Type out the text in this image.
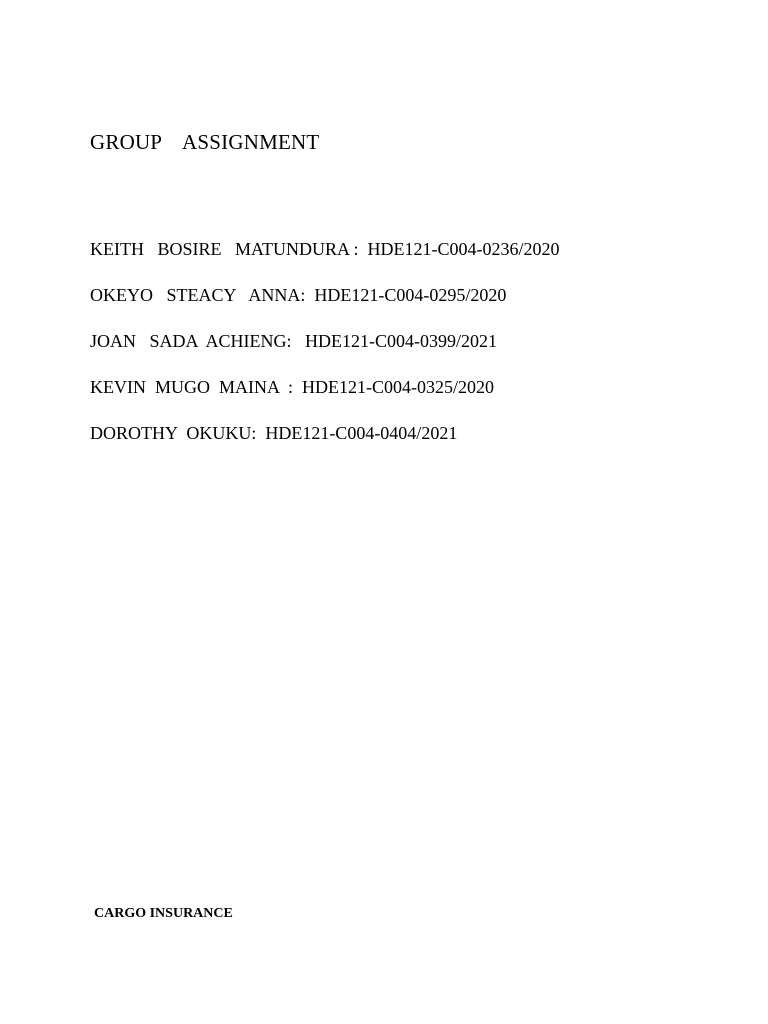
GROUP    ASSIGNMENT
KEITH   BOSIRE   MATUNDURA :  HDE121-C004-0236/2020
OKEYO   STEACY   ANNA:  HDE121-C004-0295/2020
JOAN   SADA  ACHIENG:   HDE121-C004-0399/2021
KEVIN  MUGO  MAINA  :  HDE121-C004-0325/2020
DOROTHY  OKUKU:  HDE121-C004-0404/2021
CARGO INSURANCE
